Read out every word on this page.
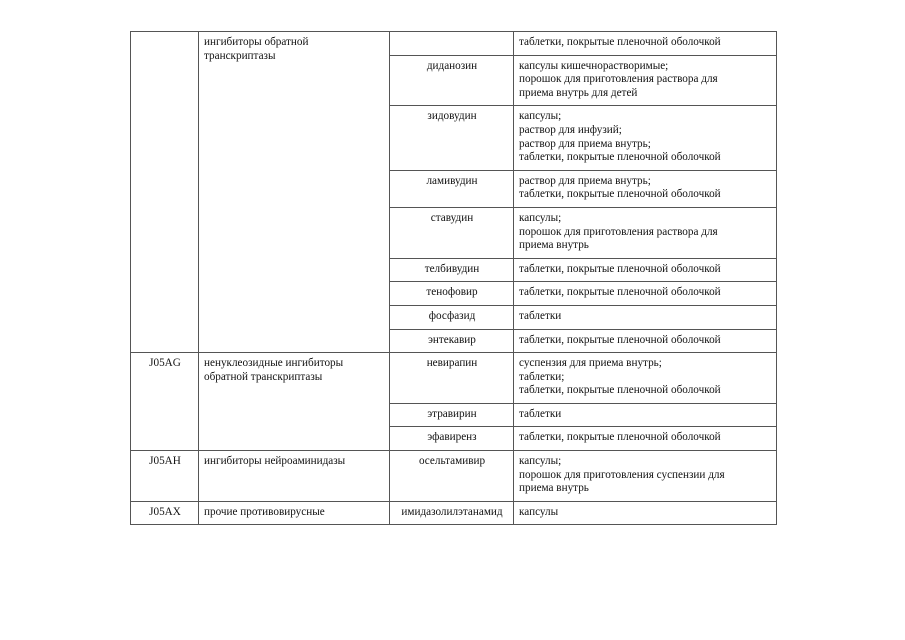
	ингибиторы обратной
транскриптазы		таблетки, покрытые пленочной оболочкой

		диданозин	капсулы кишечнорастворимые;
порошок для приготовления раствора для
приема внутрь для детей

		зидовудин	капсулы;
раствор для инфузий;
раствор для приема внутрь;
таблетки, покрытые пленочной оболочкой

		ламивудин	раствор для приема внутрь;
таблетки, покрытые пленочной оболочкой

		ставудин	капсулы;
порошок для приготовления раствора для
приема внутрь

		телбивудин	таблетки, покрытые пленочной оболочкой

		тенофовир	таблетки, покрытые пленочной оболочкой

		фосфазид	таблетки

		энтекавир	таблетки, покрытые пленочной оболочкой

J05AG	ненуклеозидные ингибиторы
обратной транскриптазы	невирапин	суспензия для приема внутрь;
таблетки;
таблетки, покрытые пленочной оболочкой

		этравирин	таблетки

		эфавиренз	таблетки, покрытые пленочной оболочкой

J05AH	ингибиторы нейроаминидазы	осельтамивир	капсулы;
порошок для приготовления суспензии для
приема внутрь

J05AX	прочие противовирусные	имидазолилэтанамид	капсулы
